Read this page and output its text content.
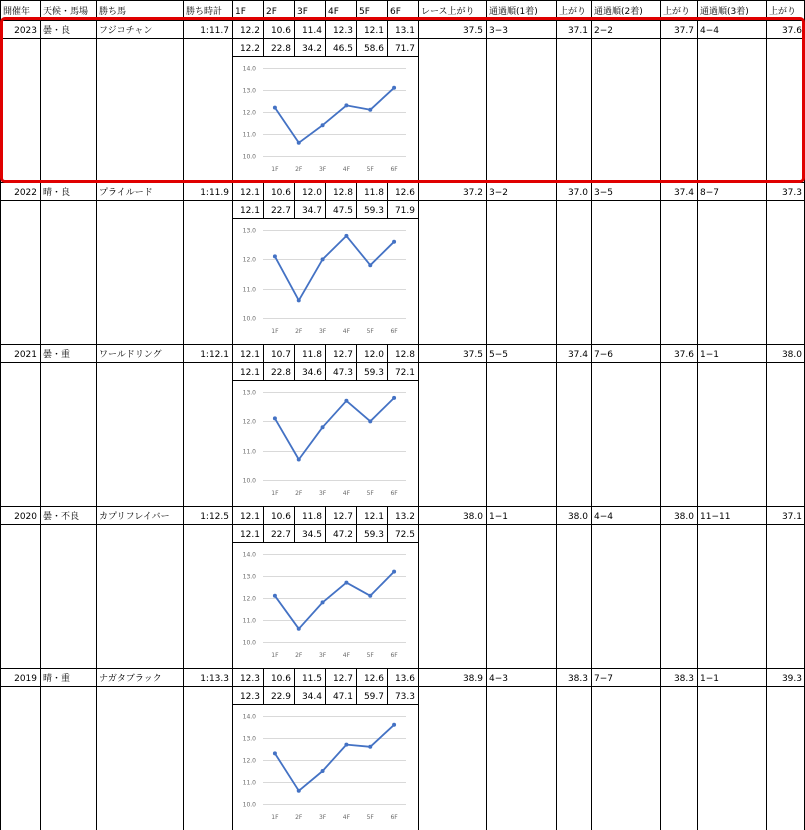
開催年 天候・馬場 勝ち馬	勝ち時計 1F 2F 3F 4F 5F 6F レース上がり 通過順(1着) 上がり 通過順(2着) 上がり 通過順(3着) 上がり
2023 曇・良	フジコチャン	1:11.7 12.2 10.6 11.4 12.3 12.1 13.1	37.5 3−3	37.1 2−2	37.7 4−4	37.6
12.2 22.8 34.2 46.5 58.6 71.7
10.0
11.0
12.0
13.0
14.0
1F	2F	3F	4F	5F	6F
2022 晴・良	プライルード	1:11.9 12.1 10.6 12.0 12.8 11.8 12.6	37.2 3−2	37.0 3−5	37.4 8−7	37.3
12.1 22.7 34.7 47.5 59.3 71.9
10.0
11.0
12.0
13.0
1F	2F	3F	4F	5F	6F
2021 曇・重	ワールドリング	1:12.1 12.1 10.7 11.8 12.7 12.0 12.8	37.5 5−5	37.4 7−6	37.6 1−1	38.0
12.1 22.8 34.6 47.3 59.3 72.1
10.0
11.0
12.0
13.0
1F	2F	3F	4F	5F	6F
2020 曇・不良 カプリフレイバー	1:12.5 12.1 10.6 11.8 12.7 12.1 13.2	38.0 1−1	38.0 4−4	38.0 11−11	37.1
12.1 22.7 34.5 47.2 59.3 72.5
10.0
11.0
12.0
13.0
14.0
1F	2F	3F	4F	5F	6F
2019 晴・重	ナガタブラック	1:13.3 12.3 10.6 11.5 12.7 12.6 13.6	38.9 4−3	38.3 7−7	38.3 1−1	39.3
12.3 22.9 34.4 47.1 59.7 73.3
10.0
11.0
12.0
13.0
14.0
1F	2F	3F	4F	5F	6F
